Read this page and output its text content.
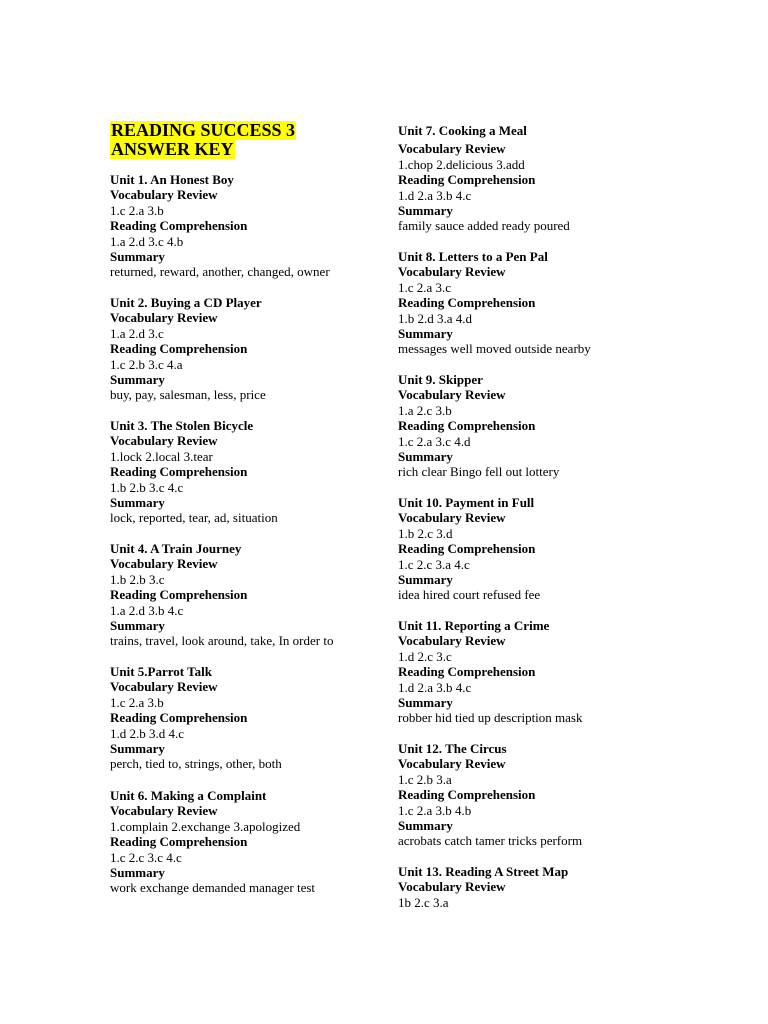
READING SUCCESS 3
ANSWER KEY
Unit 1. An Honest Boy
Vocabulary Review
1.c 2.a 3.b
Reading Comprehension
1.a 2.d 3.c 4.b
Summary
returned, reward, another, changed, owner
Unit 2. Buying a CD Player
Vocabulary Review
1.a 2.d 3.c
Reading Comprehension
1.c 2.b 3.c 4.a
Summary
buy, pay, salesman, less, price
Unit 3. The Stolen Bicycle
Vocabulary Review
1.lock 2.local 3.tear
Reading Comprehension
1.b 2.b 3.c 4.c
Summary
lock, reported, tear, ad, situation
Unit 4. A Train Journey
Vocabulary Review
1.b 2.b 3.c
Reading Comprehension
1.a 2.d 3.b 4.c
Summary
trains, travel, look around, take, In order to
Unit 5.Parrot Talk
Vocabulary Review
1.c 2.a 3.b
Reading Comprehension
1.d 2.b 3.d 4.c
Summary
perch, tied to, strings, other, both
Unit 6. Making a Complaint
Vocabulary Review
1.complain 2.exchange 3.apologized
Reading Comprehension
1.c 2.c 3.c 4.c
Summary
work exchange demanded manager test
Unit 7. Cooking a Meal
Vocabulary Review
1.chop 2.delicious 3.add
Reading Comprehension
1.d 2.a 3.b 4.c
Summary
family sauce added ready poured
Unit 8. Letters to a Pen Pal
Vocabulary Review
1.c 2.a 3.c
Reading Comprehension
1.b 2.d 3.a 4.d
Summary
messages well moved outside nearby
Unit 9. Skipper
Vocabulary Review
1.a 2.c 3.b
Reading Comprehension
1.c 2.a 3.c 4.d
Summary
rich clear Bingo fell out lottery
Unit 10. Payment in Full
Vocabulary Review
1.b 2.c 3.d
Reading Comprehension
1.c 2.c 3.a 4.c
Summary
idea hired court refused fee
Unit 11. Reporting a Crime
Vocabulary Review
1.d 2.c 3.c
Reading Comprehension
1.d 2.a 3.b 4.c
Summary
robber hid tied up description mask
Unit 12. The Circus
Vocabulary Review
1.c 2.b 3.a
Reading Comprehension
1.c 2.a 3.b 4.b
Summary
acrobats catch tamer tricks perform
Unit 13. Reading A Street Map
Vocabulary Review
1b 2.c 3.a
